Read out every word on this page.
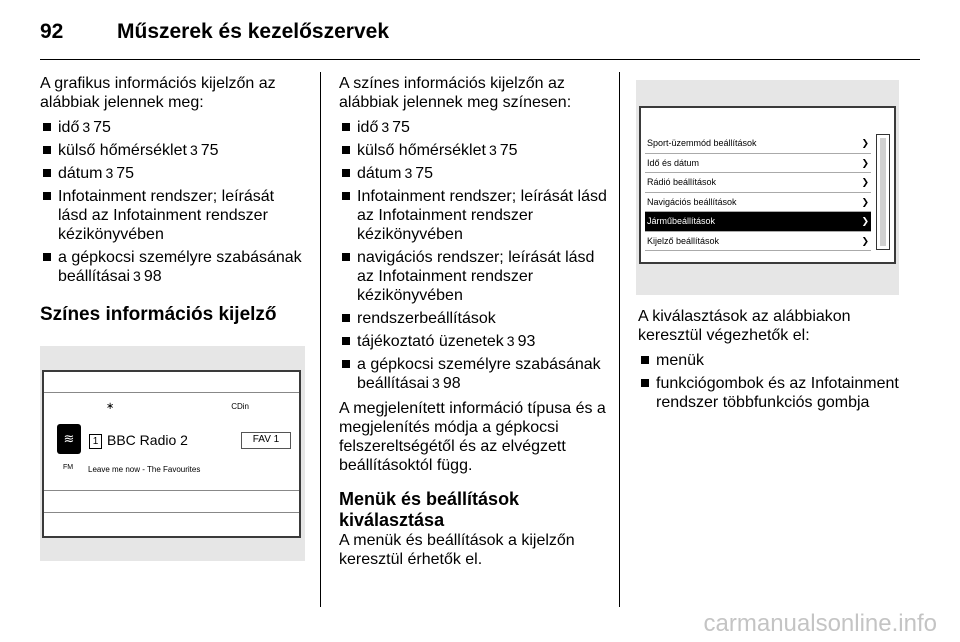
92	Műszerek és kezelőszervek

A grafikus információs kijelzőn az alábbiak jelennek meg:

idő 3 75
külső hőmérséklet 3 75
dátum 3 75
Infotainment rendszer; leírását lásd az Infotainment rendszer kézikönyvében
a gépkocsi személyre szabásának beállításai 3 98
Színes információs kijelző
∗	CDin
≋
FM
1 BBC Radio 2	FAV 1
Leave me now - The Favourites

A színes információs kijelzőn az alábbiak jelennek meg színesen:

idő 3 75
külső hőmérséklet 3 75
dátum 3 75
Infotainment rendszer; leírását lásd az Infotainment rendszer kézikönyvében
navigációs rendszer; leírását lásd az Infotainment rendszer kézikönyvében
rendszerbeállítások
tájékoztató üzenetek 3 93
a gépkocsi személyre szabásának beállításai 3 98

A megjelenített információ típusa és a megjelenítés módja a gépkocsi felszereltségétől és az elvégzett beállításoktól függ.

Menük és beállítások kiválasztása

A menük és beállítások a kijelzőn keresztül érhetők el.

Sport-üzemmód beállítások	❯
Idő és dátum	❯
Rádió beállítások	❯
Navigációs beállítások	❯
Járműbeállítások	❯
Kijelző beállítások	❯

A kiválasztások az alábbiakon keresztül végezhetők el:

menük
funkciógombok és az Infotainment rendszer többfunkciós gombja
carmanualsonline.info
